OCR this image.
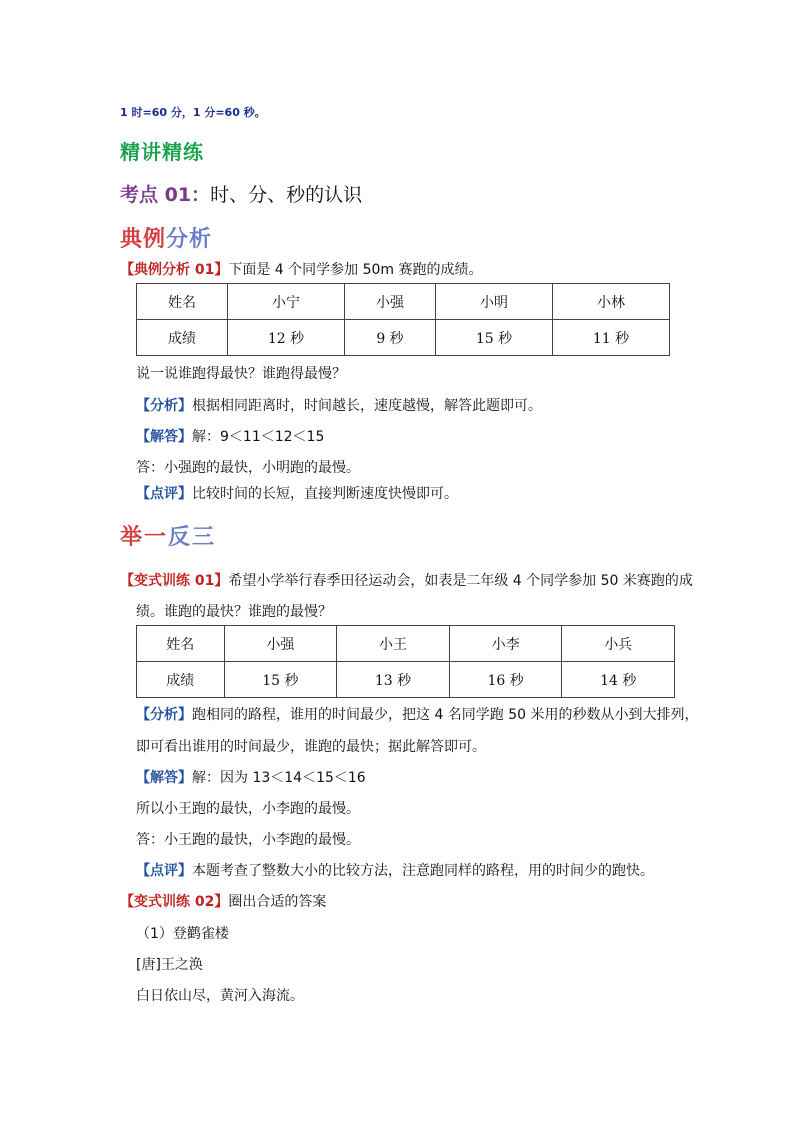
1 时=60 分，1 分=60 秒。
精讲精练
考点 01：时、分、秒的认识
典例分析
【典例分析 01】下面是 4 个同学参加 50m 赛跑的成绩。
姓名	小宁	小强	小明	小林
成绩	12 秒	9 秒	15 秒	11 秒
说一说谁跑得最快？谁跑得最慢？
【分析】根据相同距离时，时间越长，速度越慢，解答此题即可。
【解答】解：9＜11＜12＜15
答：小强跑的最快，小明跑的最慢。
【点评】比较时间的长短，直接判断速度快慢即可。
举一反三
【变式训练 01】希望小学举行春季田径运动会，如表是二年级 4 个同学参加 50 米赛跑的成
绩。谁跑的最快？谁跑的最慢？
姓名	小强	小王	小李	小兵
成绩	15 秒	13 秒	16 秒	14 秒
【分析】跑相同的路程，谁用的时间最少，把这 4 名同学跑 50 米用的秒数从小到大排列，
即可看出谁用的时间最少，谁跑的最快；据此解答即可。
【解答】解：因为 13＜14＜15＜16
所以小王跑的最快，小李跑的最慢。
答：小王跑的最快，小李跑的最慢。
【点评】本题考查了整数大小的比较方法，注意跑同样的路程，用的时间少的跑快。
【变式训练 02】圈出合适的答案
（1）登鹳雀楼
[唐]王之涣
白日依山尽，黄河入海流。
